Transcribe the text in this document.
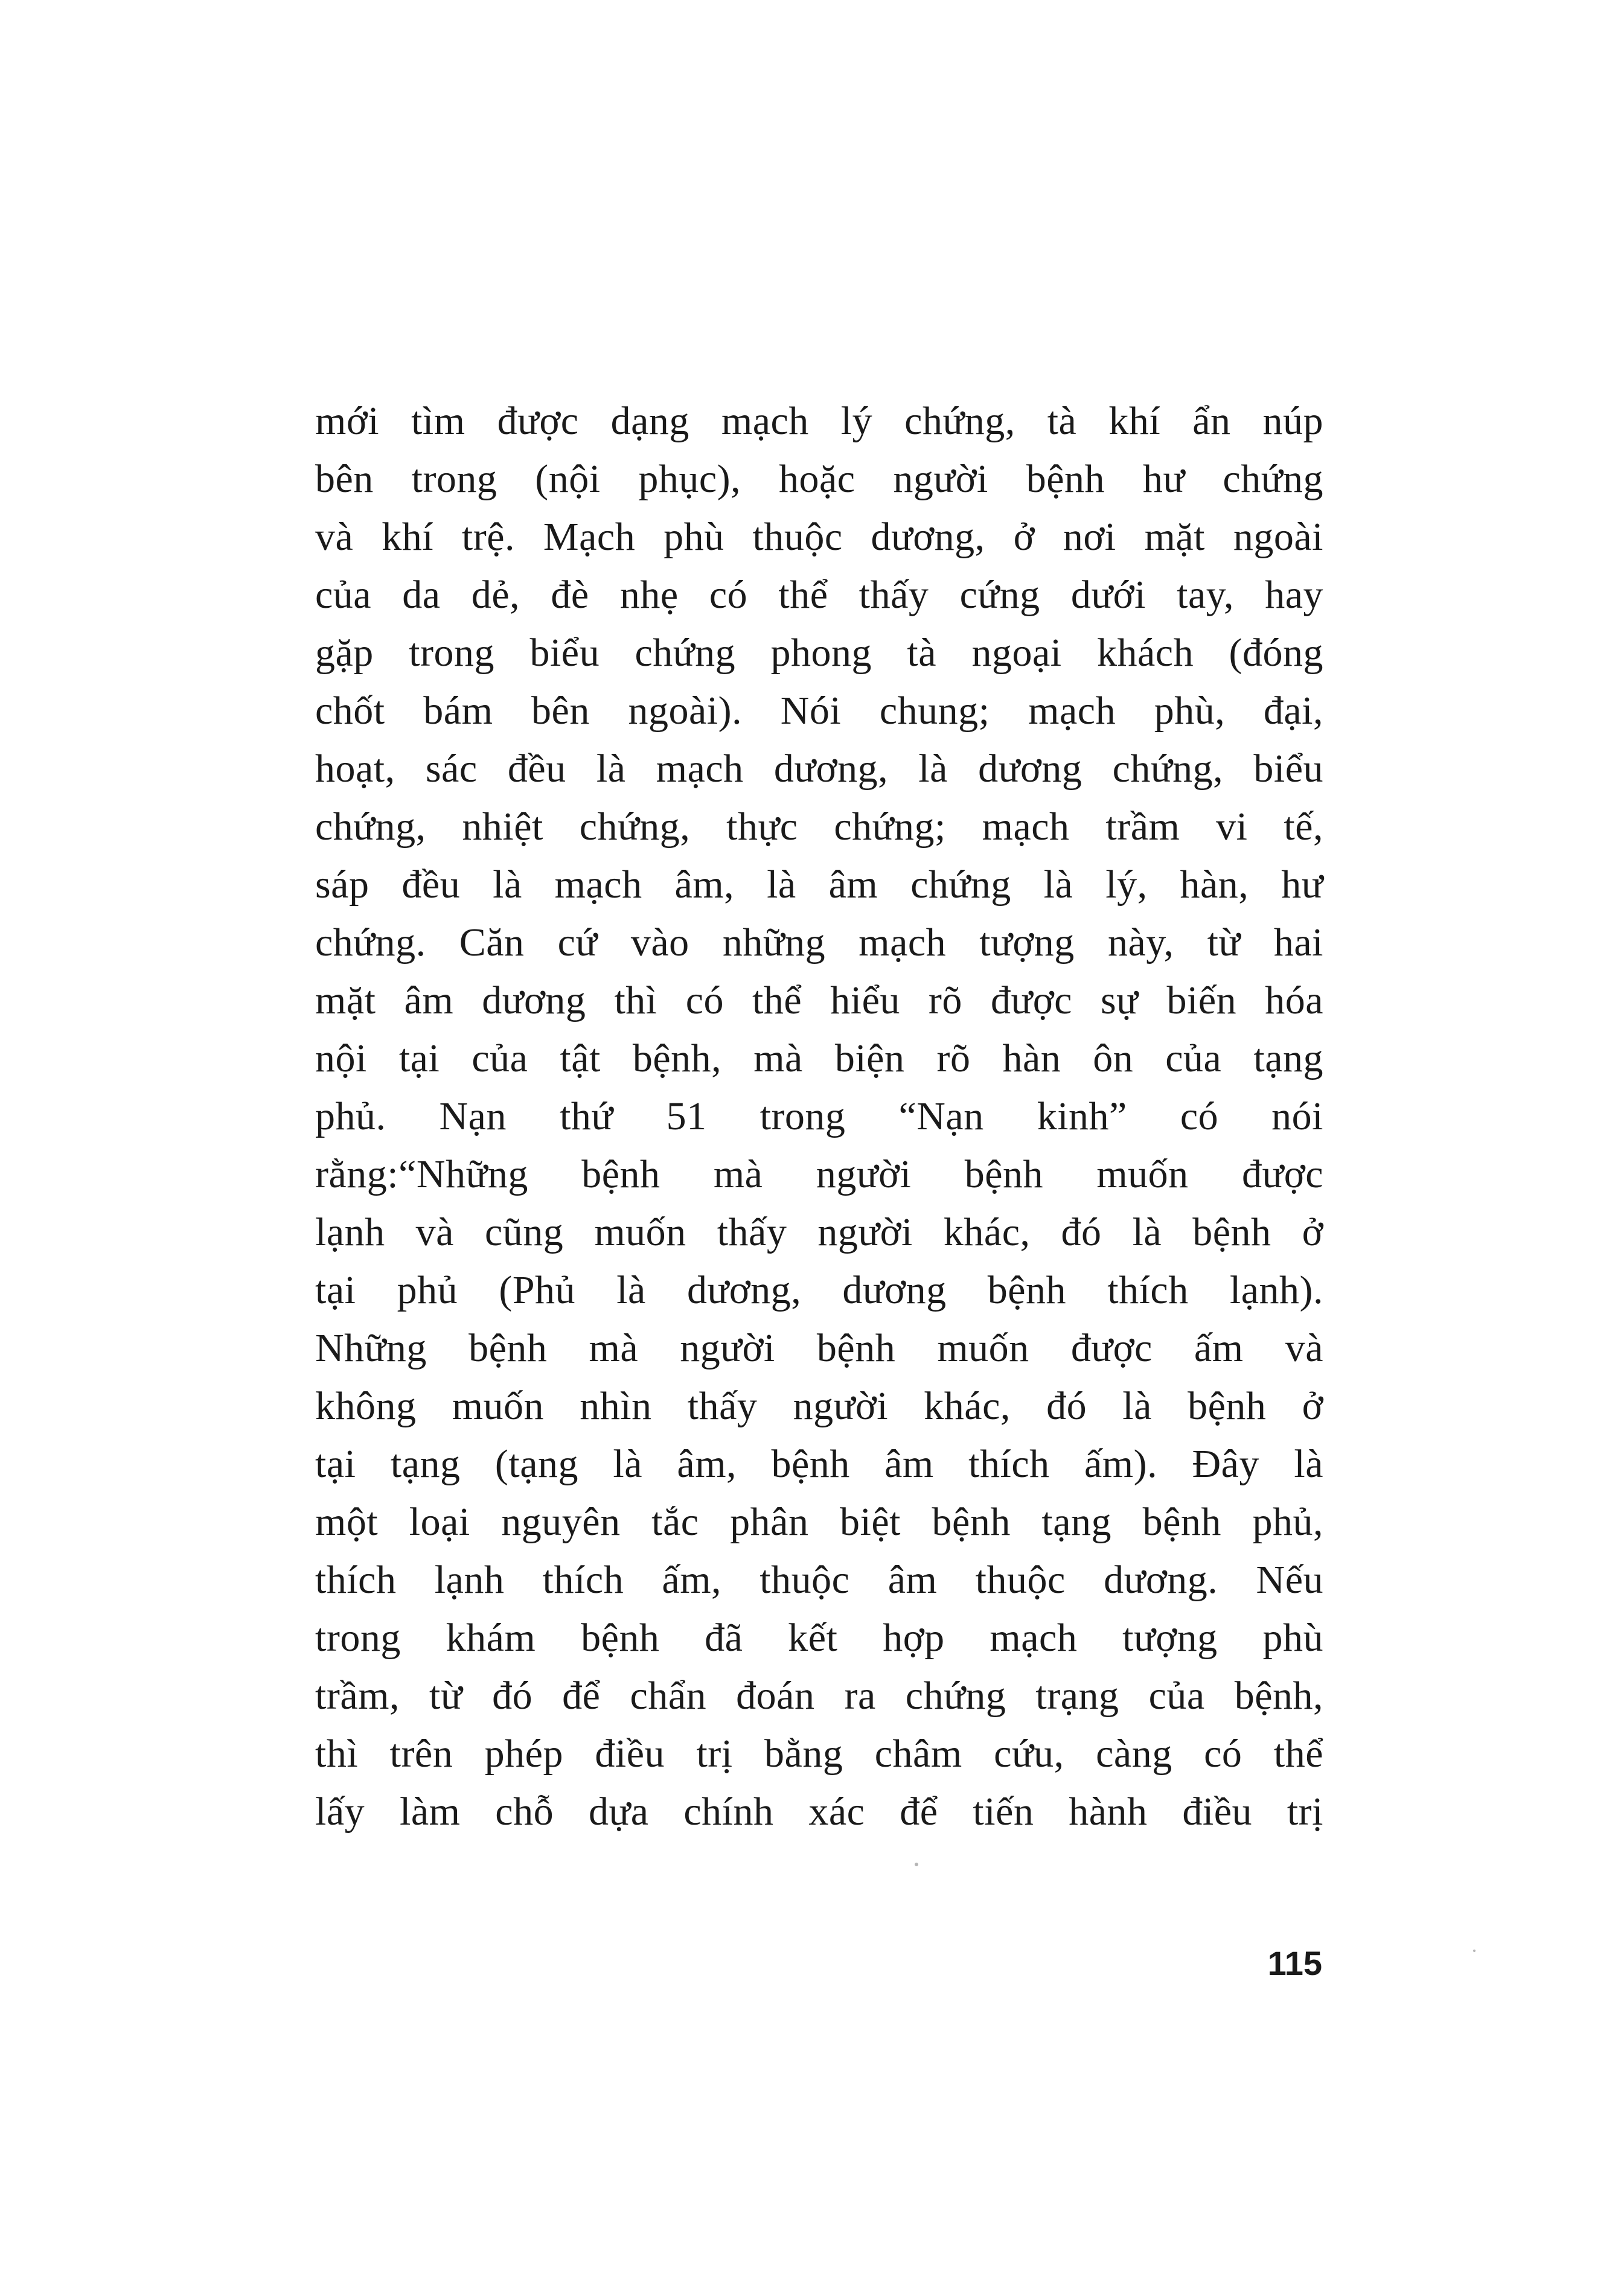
mới tìm được dạng mạch lý chứng, tà khí ẩn núp
bên trong (nội phục), hoặc người bệnh hư chứng
và khí trệ. Mạch phù thuộc dương, ở nơi mặt ngoài
của da dẻ, đè nhẹ có thể thấy cứng dưới tay, hay
gặp trong biểu chứng phong tà ngoại khách (đóng
chốt bám bên ngoài). Nói chung; mạch phù, đại,
hoạt, sác đều là mạch dương, là dương chứng, biểu
chứng, nhiệt chứng, thực chứng; mạch trầm vi tế,
sáp đều là mạch âm, là âm chứng là lý, hàn, hư
chứng. Căn cứ vào những mạch tượng này, từ hai
mặt âm dương thì có thể hiểu rõ được sự biến hóa
nội tại của tật bệnh, mà biện rõ hàn ôn của tạng
phủ. Nạn thứ 51 trong “Nạn kinh” có nói
rằng:“Những bệnh mà người bệnh muốn được
lạnh và cũng muốn thấy người khác, đó là bệnh ở
tại phủ (Phủ là dương, dương bệnh thích lạnh).
Những bệnh mà người bệnh muốn được ấm và
không muốn nhìn thấy người khác, đó là bệnh ở
tại tạng (tạng là âm, bệnh âm thích ấm). Đây là
một loại nguyên tắc phân biệt bệnh tạng bệnh phủ,
thích lạnh thích ấm, thuộc âm thuộc dương. Nếu
trong khám bệnh đã kết hợp mạch tượng phù
trầm, từ đó để chẩn đoán ra chứng trạng của bệnh,
thì trên phép điều trị bằng châm cứu, càng có thể
lấy làm chỗ dựa chính xác để tiến hành điều trị
115
